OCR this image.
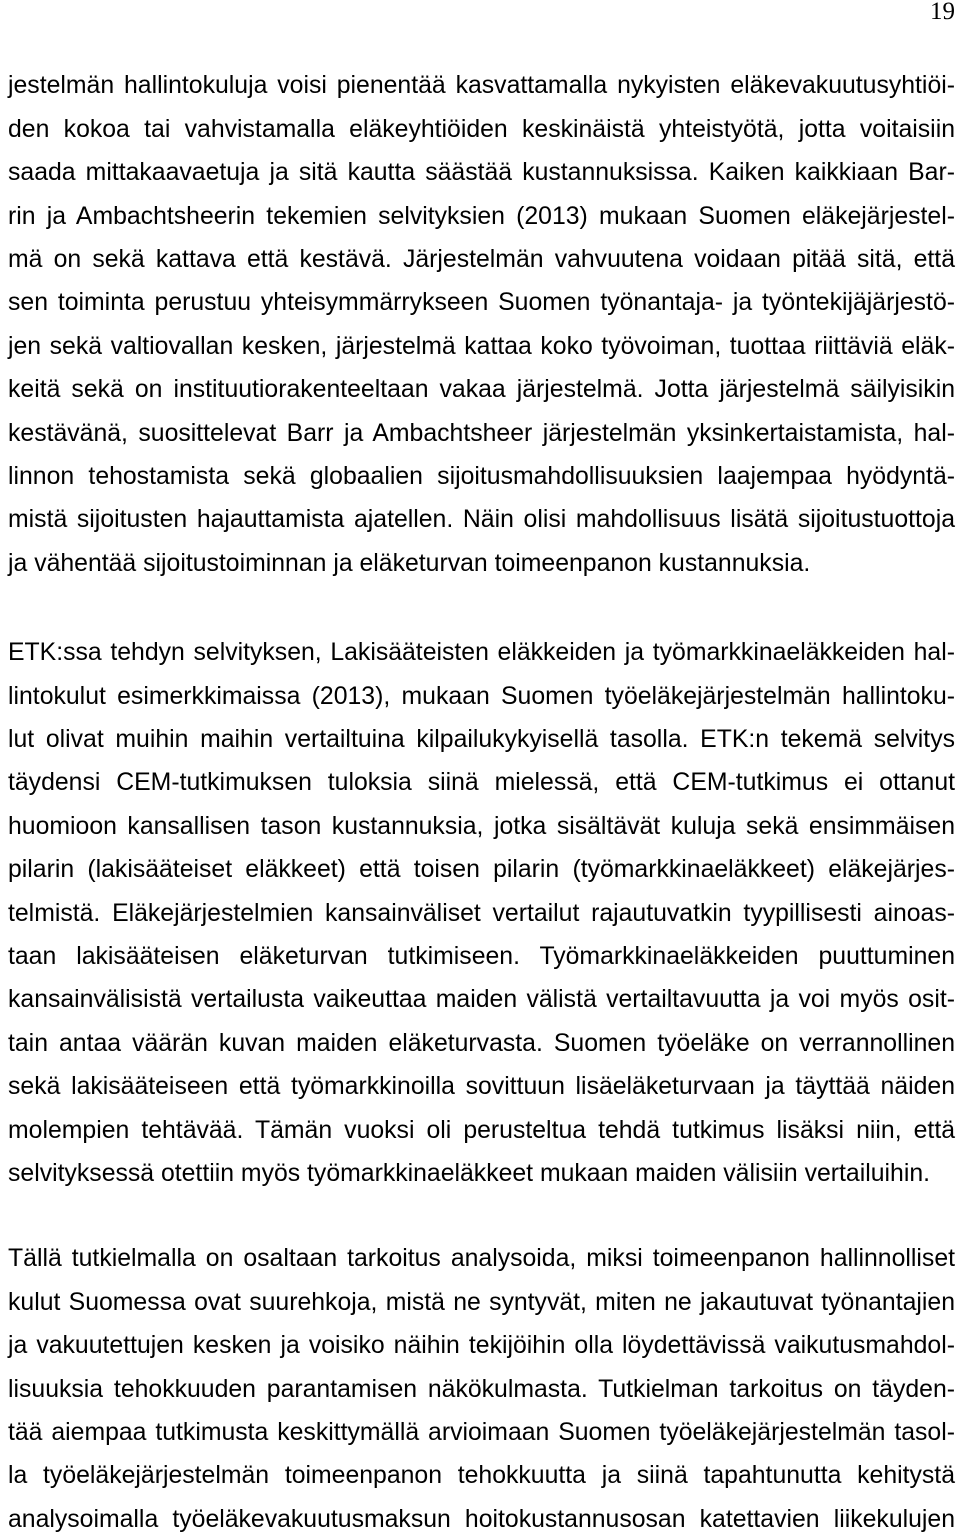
19
jestelmän hallintokuluja voisi pienentää kasvattamalla nykyisten eläkevakuutusyhtiöi-
den kokoa tai vahvistamalla eläkeyhtiöiden keskinäistä yhteistyötä, jotta voitaisiin
saada mittakaavaetuja ja sitä kautta säästää kustannuksissa. Kaiken kaikkiaan Bar-
rin ja Ambachtsheerin tekemien selvityksien (2013) mukaan Suomen eläkejärjestel-
mä on sekä kattava että kestävä. Järjestelmän vahvuutena voidaan pitää sitä, että
sen toiminta perustuu yhteisymmärrykseen Suomen työnantaja- ja työntekijäjärjestö-
jen sekä valtiovallan kesken, järjestelmä kattaa koko työvoiman, tuottaa riittäviä eläk-
keitä sekä on instituutiorakenteeltaan vakaa järjestelmä. Jotta järjestelmä säilyisikin
kestävänä, suosittelevat Barr ja Ambachtsheer järjestelmän yksinkertaistamista, hal-
linnon tehostamista sekä globaalien sijoitusmahdollisuuksien laajempaa hyödyntä-
mistä sijoitusten hajauttamista ajatellen. Näin olisi mahdollisuus lisätä sijoitustuottoja
ja vähentää sijoitustoiminnan ja eläketurvan toimeenpanon kustannuksia.
ETK:ssa tehdyn selvityksen, Lakisääteisten eläkkeiden ja työmarkkinaeläkkeiden hal-
lintokulut esimerkkimaissa (2013), mukaan Suomen työeläkejärjestelmän hallintoku-
lut olivat muihin maihin vertailtuina kilpailukykyisellä tasolla. ETK:n tekemä selvitys
täydensi CEM-tutkimuksen tuloksia siinä mielessä, että CEM-tutkimus ei ottanut
huomioon kansallisen tason kustannuksia, jotka sisältävät kuluja sekä ensimmäisen
pilarin (lakisääteiset eläkkeet) että toisen pilarin (työmarkkinaeläkkeet) eläkejärjes-
telmistä. Eläkejärjestelmien kansainväliset vertailut rajautuvatkin tyypillisesti ainoas-
taan lakisääteisen eläketurvan tutkimiseen. Työmarkkinaeläkkeiden puuttuminen
kansainvälisistä vertailusta vaikeuttaa maiden välistä vertailtavuutta ja voi myös osit-
tain antaa väärän kuvan maiden eläketurvasta. Suomen työeläke on verrannollinen
sekä lakisääteiseen että työmarkkinoilla sovittuun lisäeläketurvaan ja täyttää näiden
molempien tehtävää. Tämän vuoksi oli perusteltua tehdä tutkimus lisäksi niin, että
selvityksessä otettiin myös työmarkkinaeläkkeet mukaan maiden välisiin vertailuihin.
Tällä tutkielmalla on osaltaan tarkoitus analysoida, miksi toimeenpanon hallinnolliset
kulut Suomessa ovat suurehkoja, mistä ne syntyvät, miten ne jakautuvat työnantajien
ja vakuutettujen kesken ja voisiko näihin tekijöihin olla löydettävissä vaikutusmahdol-
lisuuksia tehokkuuden parantamisen näkökulmasta. Tutkielman tarkoitus on täyden-
tää aiempaa tutkimusta keskittymällä arvioimaan Suomen työeläkejärjestelmän tasol-
la työeläkejärjestelmän toimeenpanon tehokkuutta ja siinä tapahtunutta kehitystä
analysoimalla työeläkevakuutusmaksun hoitokustannusosan katettavien liikekulujen
